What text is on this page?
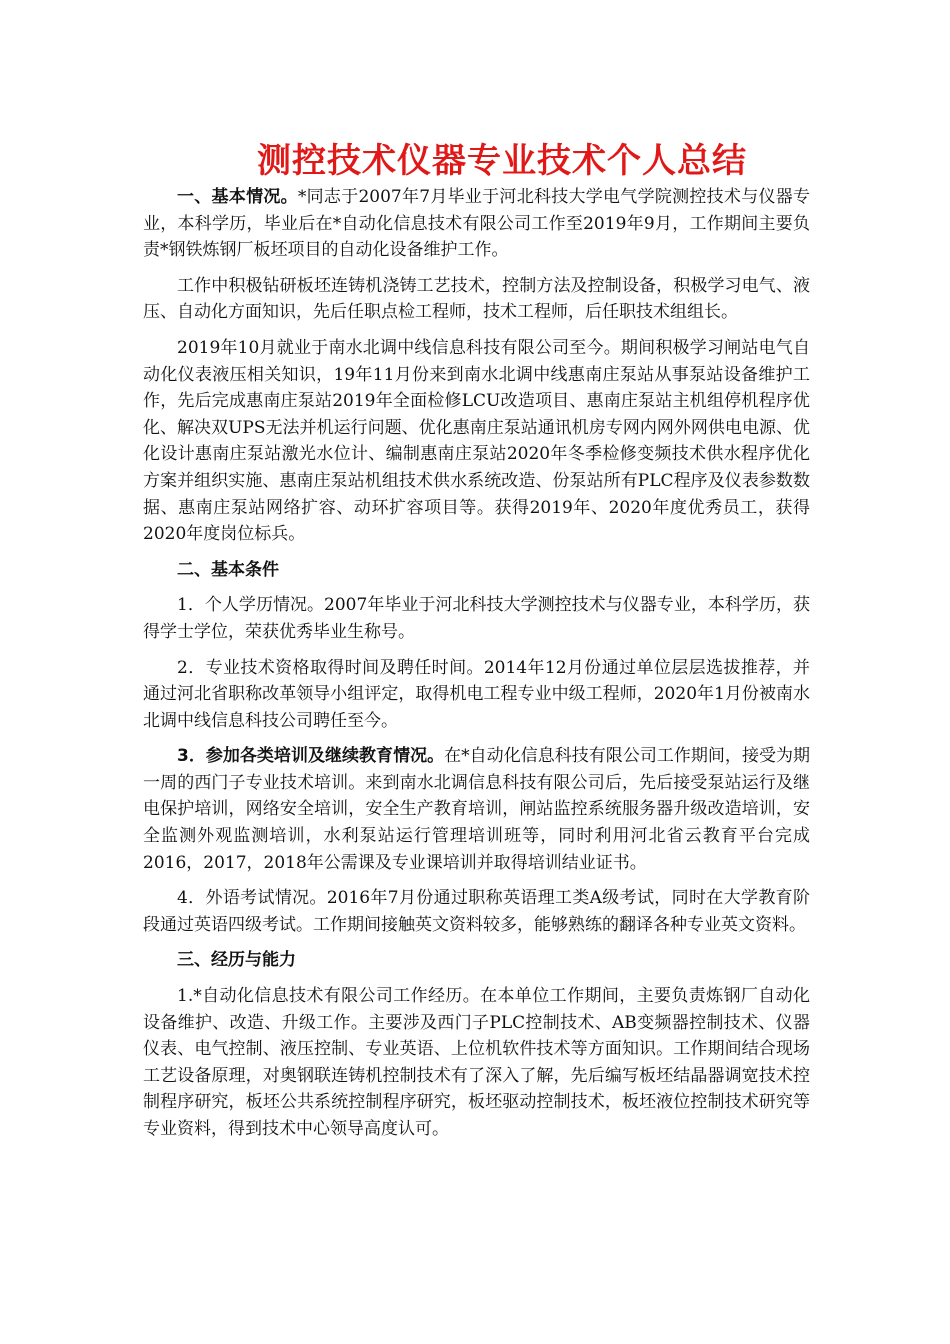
测控技术仪器专业技术个人总结

一、基本情况。*同志于2007年7月毕业于河北科技大学电气学院测控技术与仪器专业，本科学历，毕业后在*自动化信息技术有限公司工作至2019年9月，工作期间主要负责*钢铁炼钢厂板坯项目的自动化设备维护工作。

工作中积极钻研板坯连铸机浇铸工艺技术，控制方法及控制设备，积极学习电气、液压、自动化方面知识，先后任职点检工程师，技术工程师，后任职技术组组长。

2019年10月就业于南水北调中线信息科技有限公司至今。期间积极学习闸站电气自动化仪表液压相关知识，19年11月份来到南水北调中线惠南庄泵站从事泵站设备维护工作，先后完成惠南庄泵站2019年全面检修LCU改造项目、惠南庄泵站主机组停机程序优化、解决双UPS无法并机运行问题、优化惠南庄泵站通讯机房专网内网外网供电电源、优化设计惠南庄泵站激光水位计、编制惠南庄泵站2020年冬季检修变频技术供水程序优化方案并组织实施、惠南庄泵站机组技术供水系统改造、份泵站所有PLC程序及仪表参数数据、惠南庄泵站网络扩容、动环扩容项目等。获得2019年、2020年度优秀员工，获得2020年度岗位标兵。

二、基本条件

1．个人学历情况。2007年毕业于河北科技大学测控技术与仪器专业，本科学历，获得学士学位，荣获优秀毕业生称号。

2．专业技术资格取得时间及聘任时间。2014年12月份通过单位层层选拔推荐，并通过河北省职称改革领导小组评定，取得机电工程专业中级工程师，2020年1月份被南水北调中线信息科技公司聘任至今。

3．参加各类培训及继续教育情况。在*自动化信息科技有限公司工作期间，接受为期一周的西门子专业技术培训。来到南水北调信息科技有限公司后，先后接受泵站运行及继电保护培训，网络安全培训，安全生产教育培训，闸站监控系统服务器升级改造培训，安全监测外观监测培训，水利泵站运行管理培训班等，同时利用河北省云教育平台完成2016，2017，2018年公需课及专业课培训并取得培训结业证书。

4．外语考试情况。2016年7月份通过职称英语理工类A级考试，同时在大学教育阶段通过英语四级考试。工作期间接触英文资料较多，能够熟练的翻译各种专业英文资料。

三、经历与能力

1.*自动化信息技术有限公司工作经历。在本单位工作期间，主要负责炼钢厂自动化设备维护、改造、升级工作。主要涉及西门子PLC控制技术、AB变频器控制技术、仪器仪表、电气控制、液压控制、专业英语、上位机软件技术等方面知识。工作期间结合现场工艺设备原理，对奥钢联连铸机控制技术有了深入了解，先后编写板坯结晶器调宽技术控制程序研究，板坯公共系统控制程序研究，板坯驱动控制技术，板坯液位控制技术研究等专业资料，得到技术中心领导高度认可。
